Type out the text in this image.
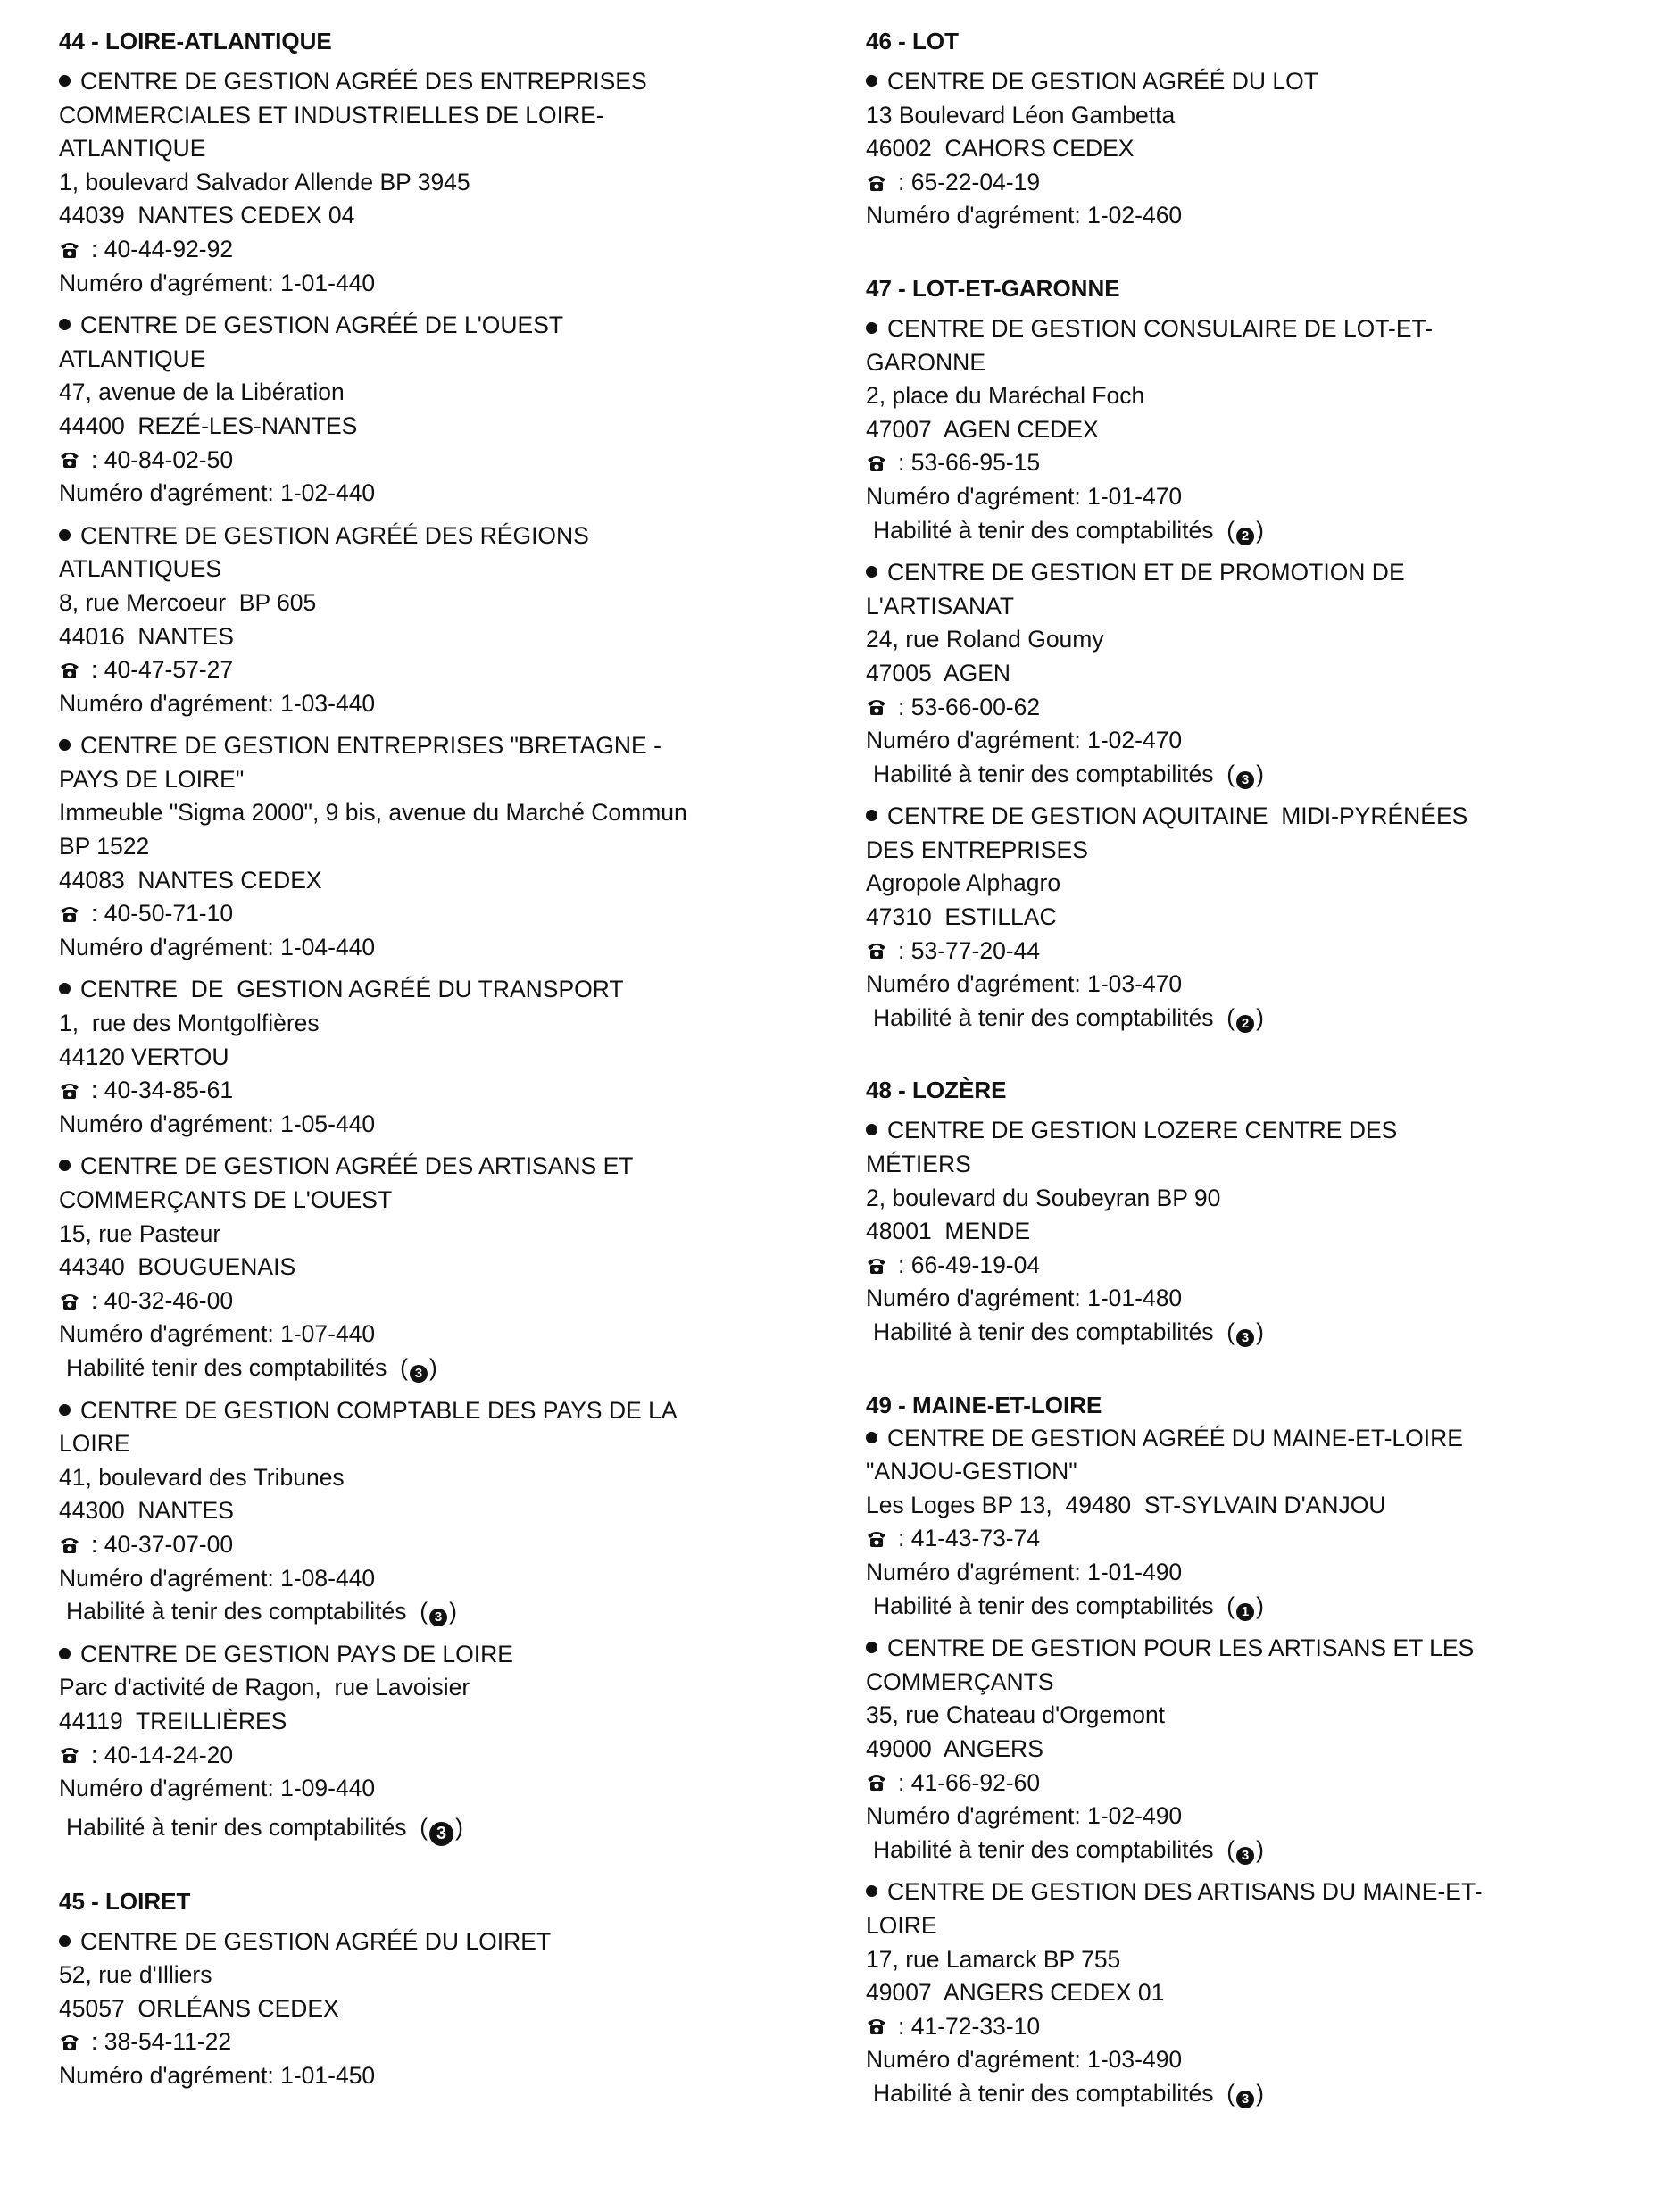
44 - LOIRE-ATLANTIQUE
CENTRE DE GESTION AGRÉÉ DES ENTREPRISES
COMMERCIALES ET INDUSTRIELLES DE LOIRE-
ATLANTIQUE
1, boulevard Salvador Allende BP 3945
44039  NANTES CEDEX 04
: 40-44-92-92
Numéro d'agrément: 1-01-440
CENTRE DE GESTION AGRÉÉ DE L'OUEST
ATLANTIQUE
47, avenue de la Libération
44400  REZÉ-LES-NANTES
: 40-84-02-50
Numéro d'agrément: 1-02-440
CENTRE DE GESTION AGRÉÉ DES RÉGIONS
ATLANTIQUES
8, rue Mercoeur  BP 605
44016  NANTES
: 40-47-57-27
Numéro d'agrément: 1-03-440
CENTRE DE GESTION ENTREPRISES "BRETAGNE -
PAYS DE LOIRE"
Immeuble "Sigma 2000", 9 bis, avenue du Marché Commun
BP 1522
44083  NANTES CEDEX
: 40-50-71-10
Numéro d'agrément: 1-04-440
CENTRE  DE  GESTION AGRÉÉ DU TRANSPORT
1,  rue des Montgolfières
44120 VERTOU
: 40-34-85-61
Numéro d'agrément: 1-05-440
CENTRE DE GESTION AGRÉÉ DES ARTISANS ET
COMMERÇANTS DE L'OUEST
15, rue Pasteur
44340  BOUGUENAIS
: 40-32-46-00
Numéro d'agrément: 1-07-440
Habilité tenir des comptabilités  ( 3 )
CENTRE DE GESTION COMPTABLE DES PAYS DE LA
LOIRE
41, boulevard des Tribunes
44300  NANTES
: 40-37-07-00
Numéro d'agrément: 1-08-440
Habilité à tenir des comptabilités  ( 3 )
CENTRE DE GESTION PAYS DE LOIRE
Parc d'activité de Ragon,  rue Lavoisier
44119  TREILLIÈRES
: 40-14-24-20
Numéro d'agrément: 1-09-440
Habilité à tenir des comptabilités  ( 3 )
45 - LOIRET
CENTRE DE GESTION AGRÉÉ DU LOIRET
52, rue d'Illiers
45057  ORLÉANS CEDEX
: 38-54-11-22
Numéro d'agrément: 1-01-450
46 - LOT
CENTRE DE GESTION AGRÉÉ DU LOT
13 Boulevard Léon Gambetta
46002  CAHORS CEDEX
: 65-22-04-19
Numéro d'agrément: 1-02-460
47 - LOT-ET-GARONNE
CENTRE DE GESTION CONSULAIRE DE LOT-ET-
GARONNE
2, place du Maréchal Foch
47007  AGEN CEDEX
: 53-66-95-15
Numéro d'agrément: 1-01-470
Habilité à tenir des comptabilités  ( 2 )
CENTRE DE GESTION ET DE PROMOTION DE
L'ARTISANAT
24, rue Roland Goumy
47005  AGEN
: 53-66-00-62
Numéro d'agrément: 1-02-470
Habilité à tenir des comptabilités  ( 3 )
CENTRE DE GESTION AQUITAINE  MIDI-PYRÉNÉES
DES ENTREPRISES
Agropole Alphagro
47310  ESTILLAC
: 53-77-20-44
Numéro d'agrément: 1-03-470
Habilité à tenir des comptabilités  ( 2 )
48 - LOZÈRE
CENTRE DE GESTION LOZERE CENTRE DES
MÉTIERS
2, boulevard du Soubeyran BP 90
48001  MENDE
: 66-49-19-04
Numéro d'agrément: 1-01-480
Habilité à tenir des comptabilités  ( 3 )
49 - MAINE-ET-LOIRE
CENTRE DE GESTION AGRÉÉ DU MAINE-ET-LOIRE
"ANJOU-GESTION"
Les Loges BP 13,  49480  ST-SYLVAIN D'ANJOU
: 41-43-73-74
Numéro d'agrément: 1-01-490
Habilité à tenir des comptabilités  ( 1 )
CENTRE DE GESTION POUR LES ARTISANS ET LES
COMMERÇANTS
35, rue Chateau d'Orgemont
49000  ANGERS
: 41-66-92-60
Numéro d'agrément: 1-02-490
Habilité à tenir des comptabilités  ( 3 )
CENTRE DE GESTION DES ARTISANS DU MAINE-ET-
LOIRE
17, rue Lamarck BP 755
49007  ANGERS CEDEX 01
: 41-72-33-10
Numéro d'agrément: 1-03-490
Habilité à tenir des comptabilités  ( 3 )
